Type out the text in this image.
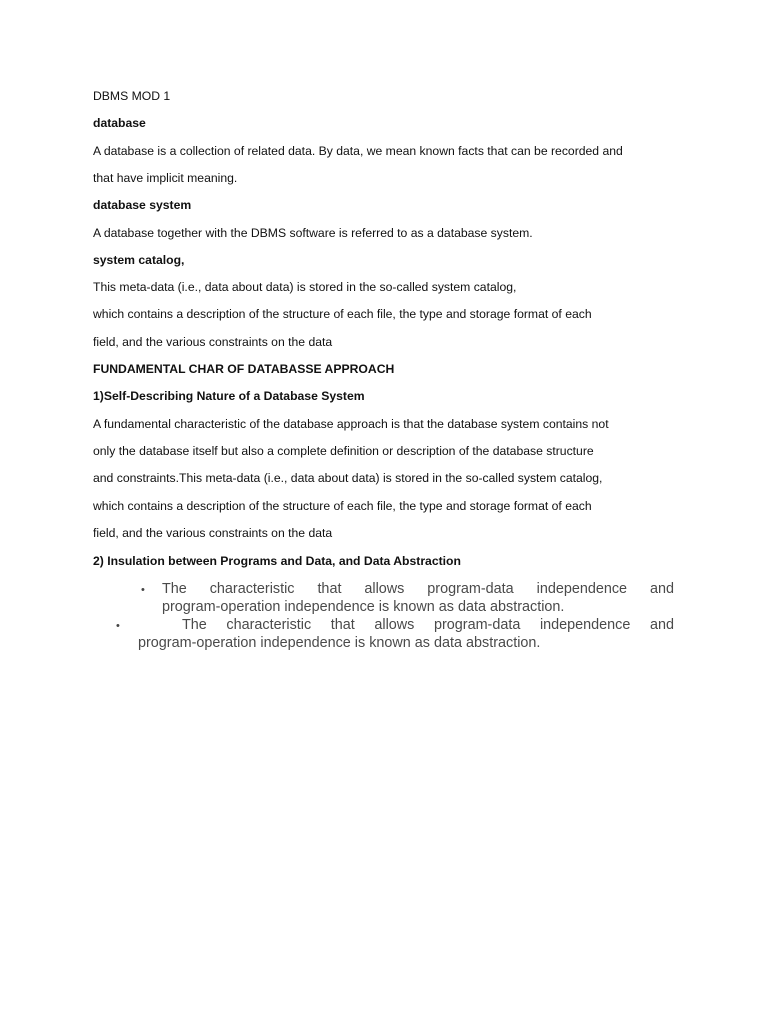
DBMS MOD 1
database
A database is a collection of related data. By data, we mean known facts that can be recorded and
that have implicit meaning.
database system
A database together with the DBMS software is referred to as a database system.
system catalog,
This meta-data (i.e., data about data) is stored in the so-called system catalog,
which contains a description of the structure of each file, the type and storage format of each
field, and the various constraints on the data
FUNDAMENTAL CHAR OF DATABASSE APPROACH
1)Self-Describing Nature of a Database System
A fundamental characteristic of the database approach is that the database system contains not
only the database itself but also a complete definition or description of the database structure
and constraints.This meta-data (i.e., data about data) is stored in the so-called system catalog,
which contains a description of the structure of each file, the type and storage format of each
field, and the various constraints on the data
2) Insulation between Programs and Data, and Data Abstraction
• The characteristic that allows program-data independence and
program-operation independence is known as data abstraction.
•	The characteristic that allows program-data independence and
program-operation independence is known as data abstraction.
